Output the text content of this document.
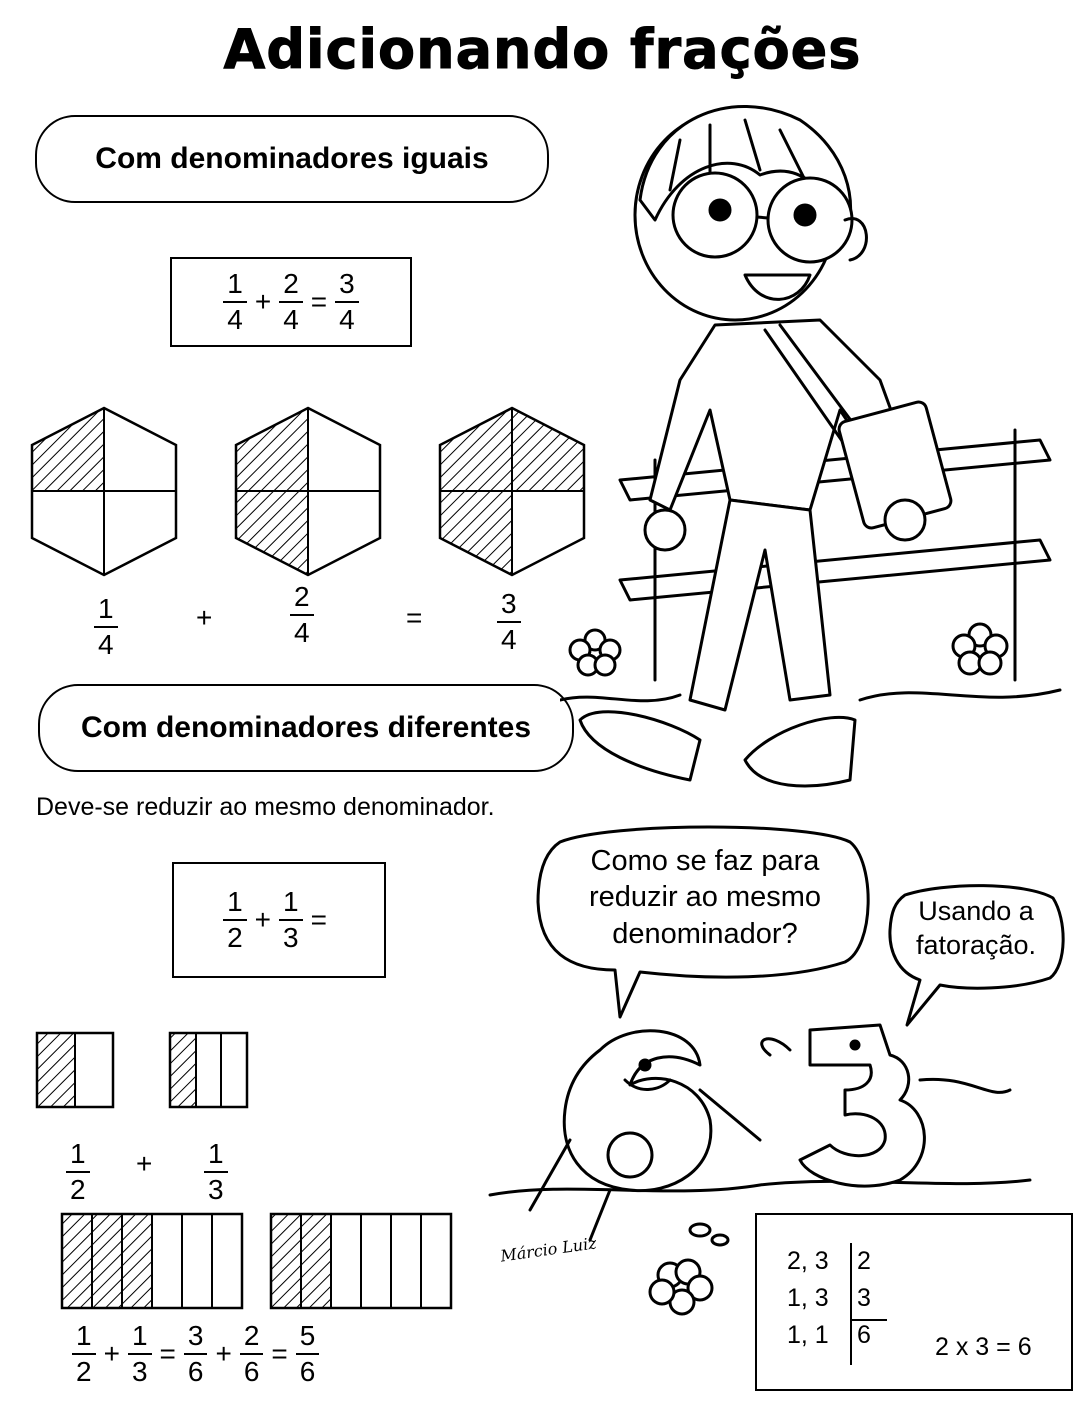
Adicionando frações
Com denominadores iguais
$\frac{1}{4} + \frac{2}{4} = \frac{3}{4}$
$\frac{1}{4}$	+	$\frac{2}{4}$	=	$\frac{3}{4}$
Com denominadores diferentes
Deve-se reduzir ao mesmo denominador.
$\frac{1}{2} + \frac{1}{3}$ =
$\frac{1}{2} + \frac{1}{3}$
$\frac{1}{2} + \frac{1}{3} = \frac{3}{6} + \frac{2}{6} = \frac{5}{6}$
Como se faz para reduzir ao mesmo denominador?
Usando a fatoração.
Márcio Luiz	2, 3 2
1, 3 3
1, 1 6	2 x 3 = 6
